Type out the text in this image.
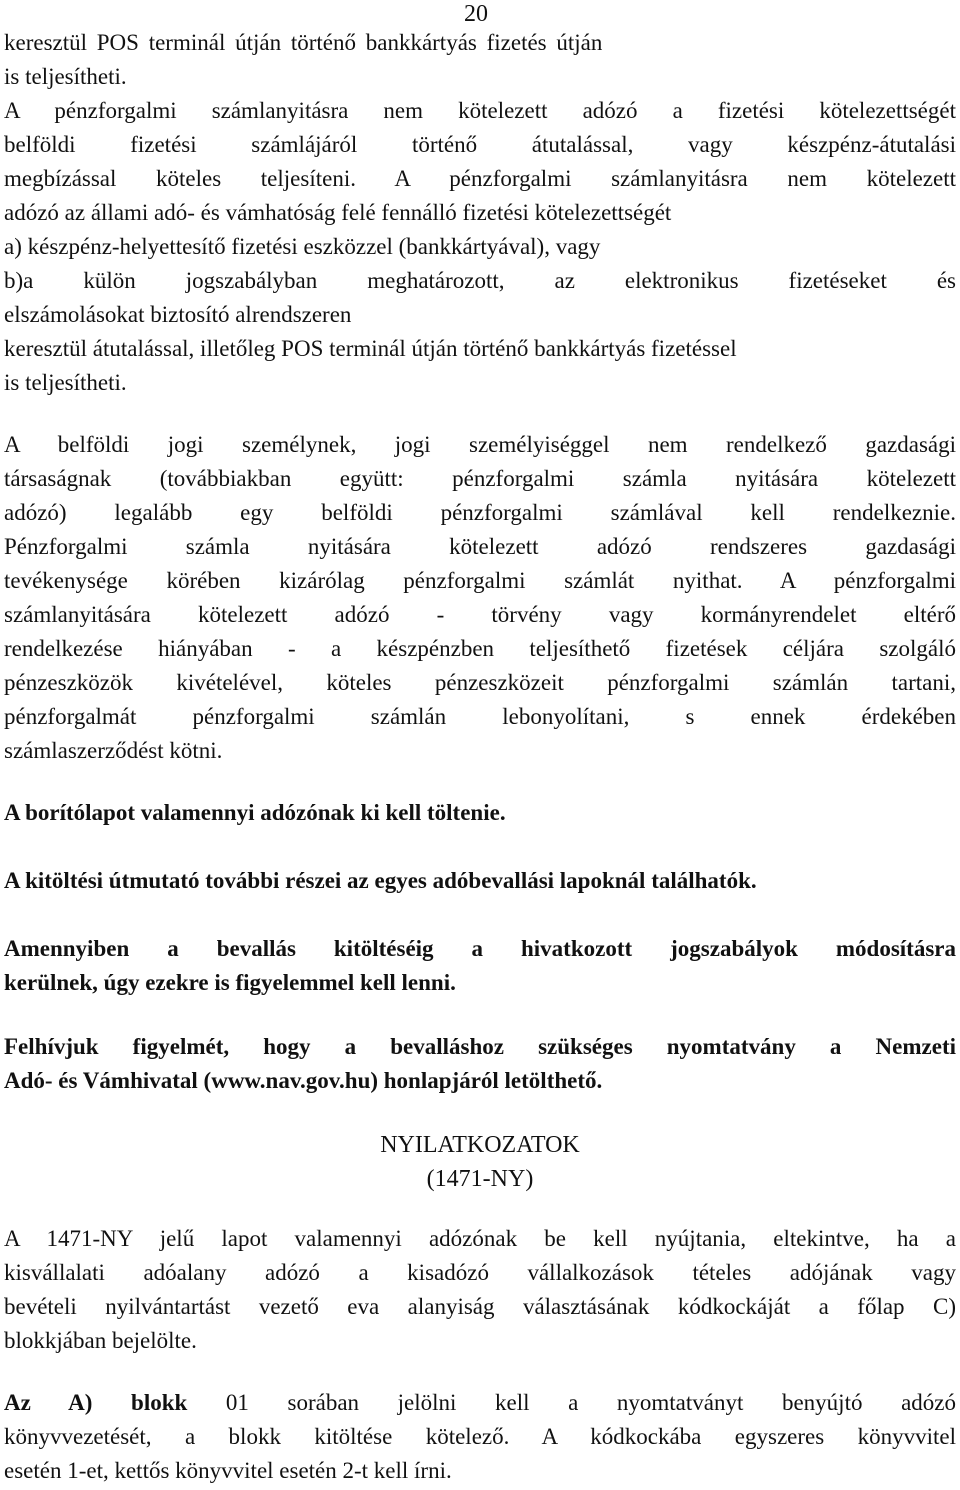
20
keresztül POS terminál útján történő bankkártyás fizetés útján
is teljesítheti.
A pénzforgalmi számlanyitásra nem kötelezett adózó a fizetési kötelezettségét
belföldi fizetési számlájáról történő átutalással, vagy készpénz-átutalási
megbízással köteles teljesíteni. A pénzforgalmi számlanyitásra nem kötelezett
adózó az állami adó- és vámhatóság felé fennálló fizetési kötelezettségét
a) készpénz-helyettesítő fizetési eszközzel (bankkártyával), vagy
b)a külön jogszabályban meghatározott, az elektronikus fizetéseket és
elszámolásokat biztosító alrendszeren
keresztül átutalással, illetőleg POS terminál útján történő bankkártyás fizetéssel
is teljesítheti.
A belföldi jogi személynek, jogi személyiséggel nem rendelkező gazdasági
társaságnak (továbbiakban együtt: pénzforgalmi számla nyitására kötelezett
adózó) legalább egy belföldi pénzforgalmi számlával kell rendelkeznie.
Pénzforgalmi számla nyitására kötelezett adózó rendszeres gazdasági
tevékenysége körében kizárólag pénzforgalmi számlát nyithat. A pénzforgalmi
számlanyitására kötelezett adózó - törvény vagy kormányrendelet eltérő
rendelkezése hiányában - a készpénzben teljesíthető fizetések céljára szolgáló
pénzeszközök kivételével, köteles pénzeszközeit pénzforgalmi számlán tartani,
pénzforgalmát pénzforgalmi számlán lebonyolítani, s ennek érdekében
számlaszerződést kötni.
A borítólapot valamennyi adózónak ki kell töltenie.
A kitöltési útmutató további részei az egyes adóbevallási lapoknál találhatók.
Amennyiben a bevallás kitöltéséig a hivatkozott jogszabályok módosításra
kerülnek, úgy ezekre is figyelemmel kell lenni.
Felhívjuk figyelmét, hogy a bevalláshoz szükséges nyomtatvány a Nemzeti
Adó- és Vámhivatal (www.nav.gov.hu) honlapjáról letölthető.
NYILATKOZATOK
(1471-NY)
A 1471-NY jelű lapot valamennyi adózónak be kell nyújtania, eltekintve, ha a
kisvállalati adóalany adózó a kisadózó vállalkozások tételes adójának vagy
bevételi nyilvántartást vezető eva alanyiság választásának kódkockáját a főlap C)
blokkjában bejelölte.
Az A) blokk 01 sorában jelölni kell a nyomtatványt benyújtó adózó
könyvvezetését, a blokk kitöltése kötelező. A kódkockába egyszeres könyvvitel
esetén 1-et, kettős könyvvitel esetén 2-t kell írni.
